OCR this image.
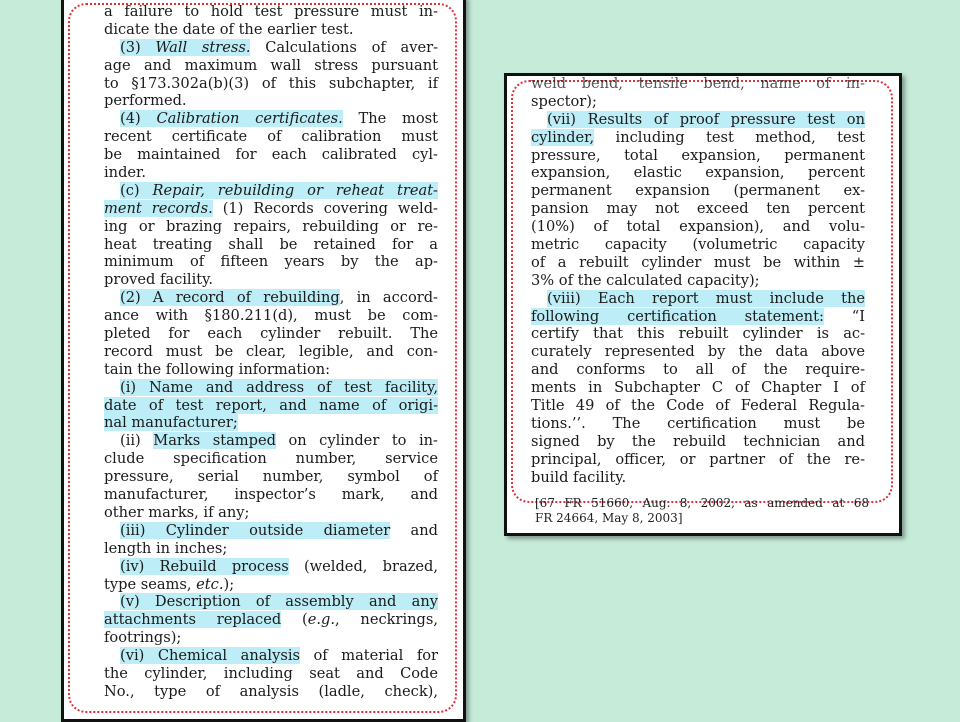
a failure to hold test pressure must in-
dicate the date of the earlier test.
(3) Wall stress. Calculations of aver-
age and maximum wall stress pursuant
to §173.302a(b)(3) of this subchapter, if
performed.
(4) Calibration certificates. The most
recent certificate of calibration must
be maintained for each calibrated cyl-
inder.
(c) Repair, rebuilding or reheat treat-
ment records. (1) Records covering weld-
ing or brazing repairs, rebuilding or re-
heat treating shall be retained for a
minimum of fifteen years by the ap-
proved facility.
(2) A record of rebuilding, in accord-
ance with §180.211(d), must be com-
pleted for each cylinder rebuilt. The
record must be clear, legible, and con-
tain the following information:
(i) Name and address of test facility,
date of test report, and name of origi-
nal manufacturer;
(ii) Marks stamped on cylinder to in-
clude specification number, service
pressure, serial number, symbol of
manufacturer, inspector’s mark, and
other marks, if any;
(iii) Cylinder outside diameter and
length in inches;
(iv) Rebuild process (welded, brazed,
type seams, etc.);
(v) Description of assembly and any
attachments replaced (e.g., neckrings,
footrings);
(vi) Chemical analysis of material for
the cylinder, including seat and Code
No., type of analysis (ladle, check),
weld bend, tensile bend, name of in-
spector);
(vii) Results of proof pressure test on
cylinder, including test method, test
pressure, total expansion, permanent
expansion, elastic expansion, percent
permanent expansion (permanent ex-
pansion may not exceed ten percent
(10%) of total expansion), and volu-
metric capacity (volumetric capacity
of a rebuilt cylinder must be within ±
3% of the calculated capacity);
(viii) Each report must include the
following certification statement: “I
certify that this rebuilt cylinder is ac-
curately represented by the data above
and conforms to all of the require-
ments in Subchapter C of Chapter I of
Title 49 of the Code of Federal Regula-
tions.’’. The certification must be
signed by the rebuild technician and
principal, officer, or partner of the re-
build facility.
[67 FR 51660, Aug. 8, 2002, as amended at 68
FR 24664, May 8, 2003]
